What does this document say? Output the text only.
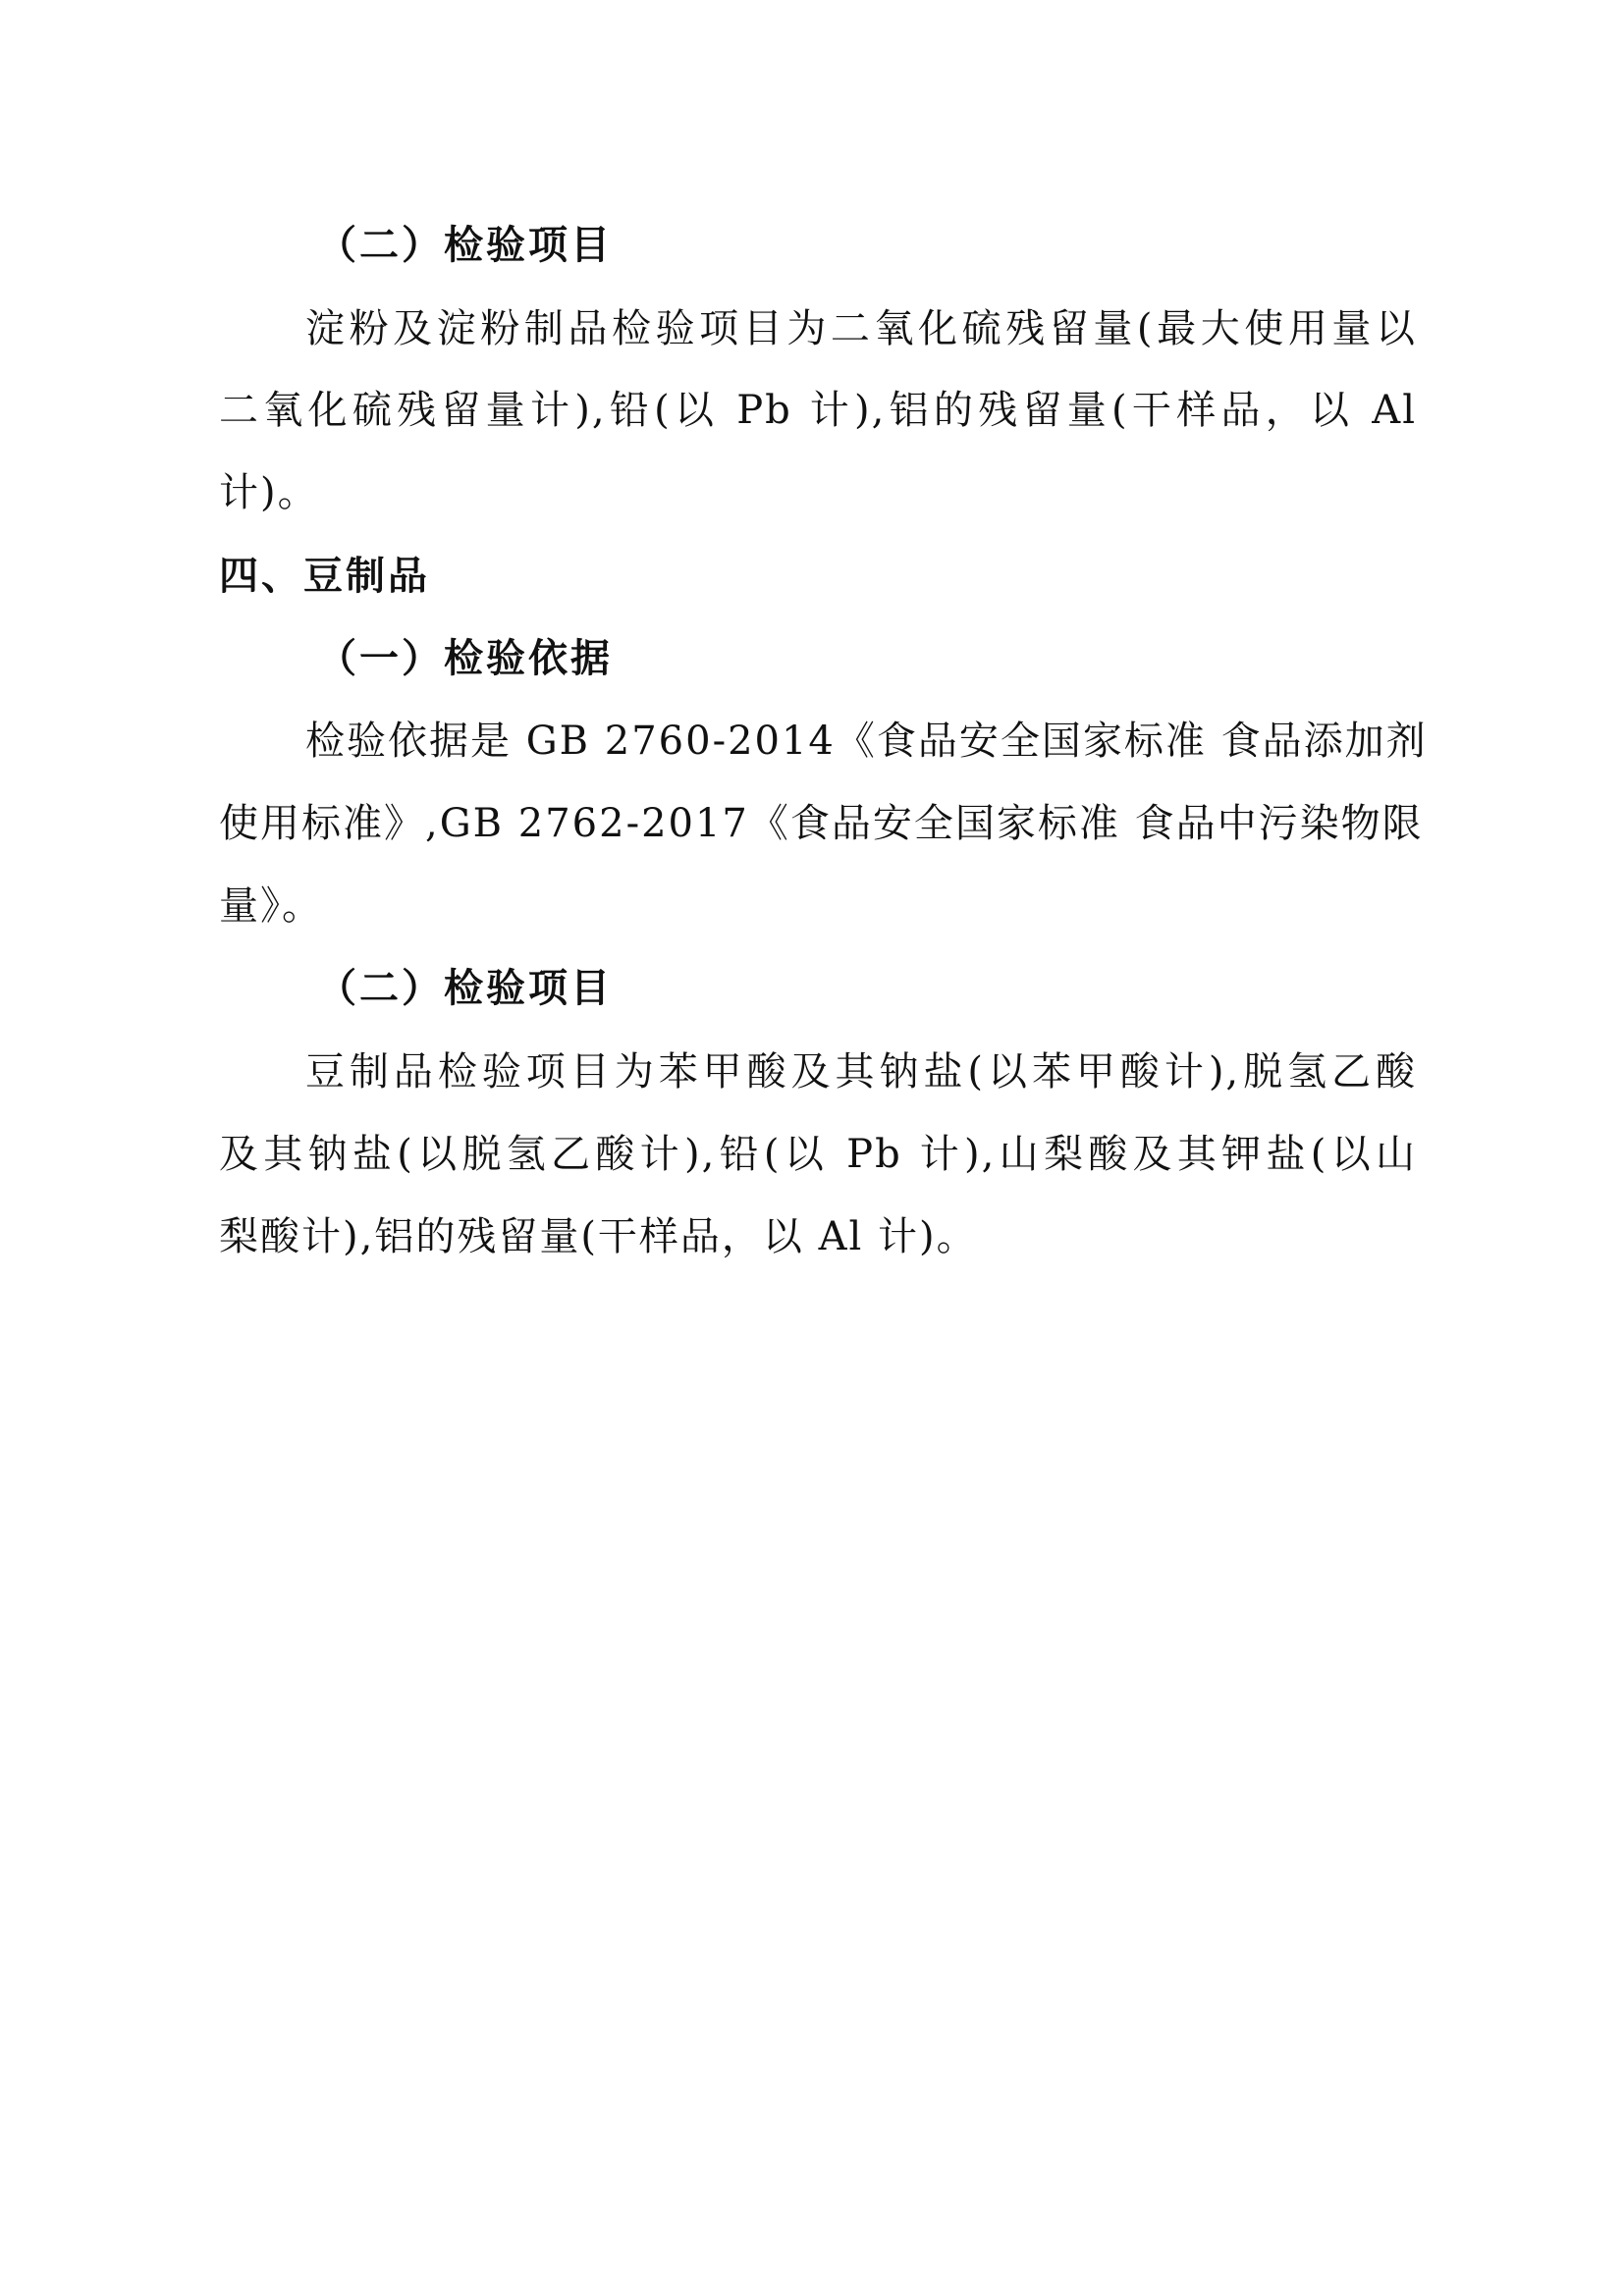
（二）检验项目
淀粉及淀粉制品检验项目为二氧化硫残留量(最大使用量以
二氧化硫残留量计),铅(以 Pb 计),铝的残留量(干样品，以 Al
计)。
四、豆制品
（一）检验依据
检验依据是 GB 2760-2014《食品安全国家标准 食品添加剂
使用标准》,GB 2762-2017《食品安全国家标准 食品中污染物限
量》。
（二）检验项目
豆制品检验项目为苯甲酸及其钠盐(以苯甲酸计),脱氢乙酸
及其钠盐(以脱氢乙酸计),铅(以 Pb 计),山梨酸及其钾盐(以山
梨酸计),铝的残留量(干样品，以 Al 计)。
